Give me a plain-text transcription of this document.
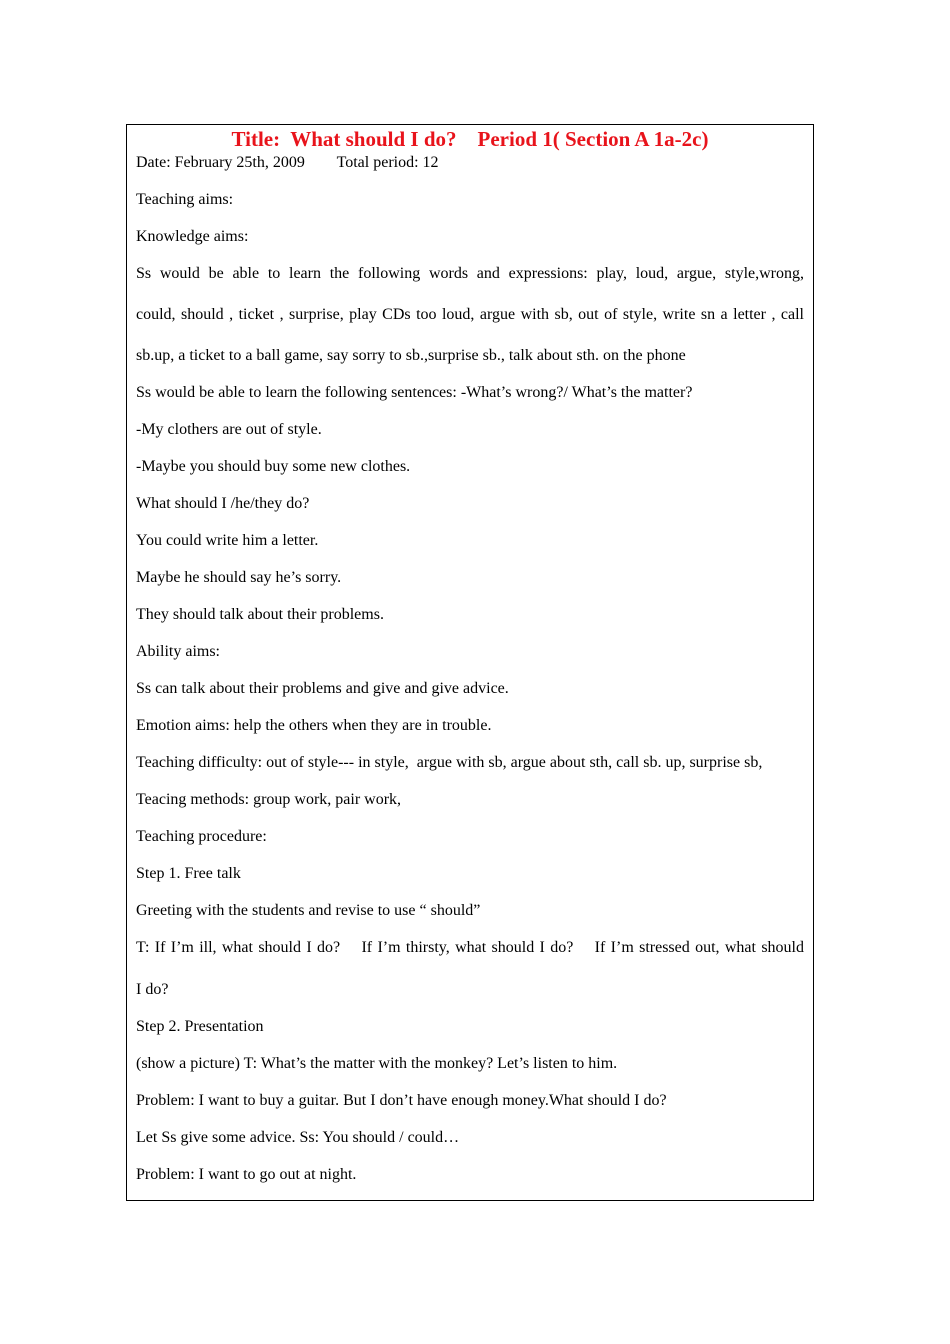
Title:  What should I do?    Period 1( Section A 1a-2c)
Date: February 25th, 2009        Total period: 12
Teaching aims:
Knowledge aims:
Ss would be able to learn the following words and expressions: play, loud, argue, style,wrong,
could, should , ticket , surprise, play CDs too loud, argue with sb, out of style, write sn a letter , call
sb.up, a ticket to a ball game, say sorry to sb.,surprise sb., talk about sth. on the phone
Ss would be able to learn the following sentences: -What’s wrong?/ What’s the matter?
-My clothers are out of style.
-Maybe you should buy some new clothes.
What should I /he/they do?
You could write him a letter.
Maybe he should say he’s sorry.
They should talk about their problems.
Ability aims:
Ss can talk about their problems and give and give advice.
Emotion aims: help the others when they are in trouble.
Teaching difficulty: out of style--- in style,  argue with sb, argue about sth, call sb. up, surprise sb,
Teacing methods: group work, pair work,
Teaching procedure:
Step 1. Free talk
Greeting with the students and revise to use “ should”
T: If I’m ill, what should I do?    If I’m thirsty, what should I do?    If I’m stressed out, what should
I do?
Step 2. Presentation
(show a picture) T: What’s the matter with the monkey? Let’s listen to him.
Problem: I want to buy a guitar. But I don’t have enough money.What should I do?
Let Ss give some advice. Ss: You should / could…
Problem: I want to go out at night.
